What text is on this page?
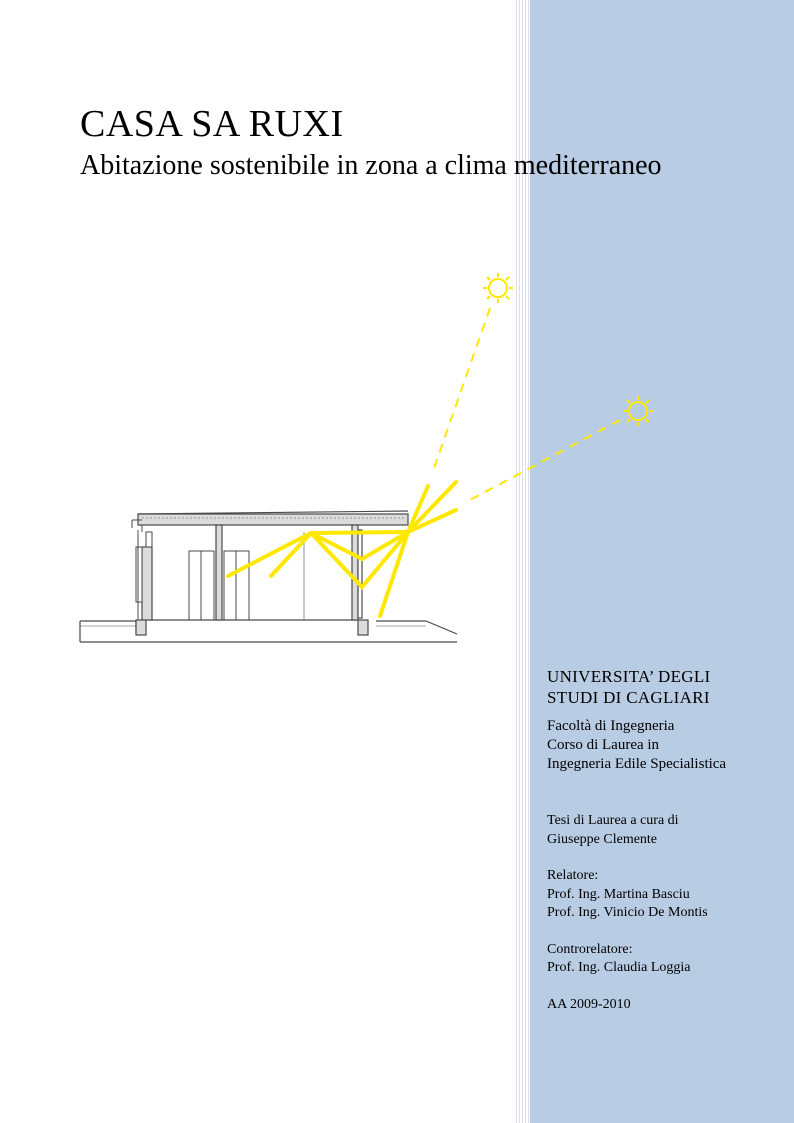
CASA SA RUXI
Abitazione sostenibile in zona a clima mediterraneo

UNIVERSITA’ DEGLI
STUDI DI CAGLIARI

Facoltà di Ingegneria
Corso di Laurea in
Ingegneria Edile Specialistica

Tesi di Laurea a cura di
Giuseppe Clemente

Relatore:
Prof. Ing. Martina Basciu
Prof. Ing. Vinicio De Montis

Controrelatore:
Prof. Ing. Claudia Loggia

AA 2009-2010
